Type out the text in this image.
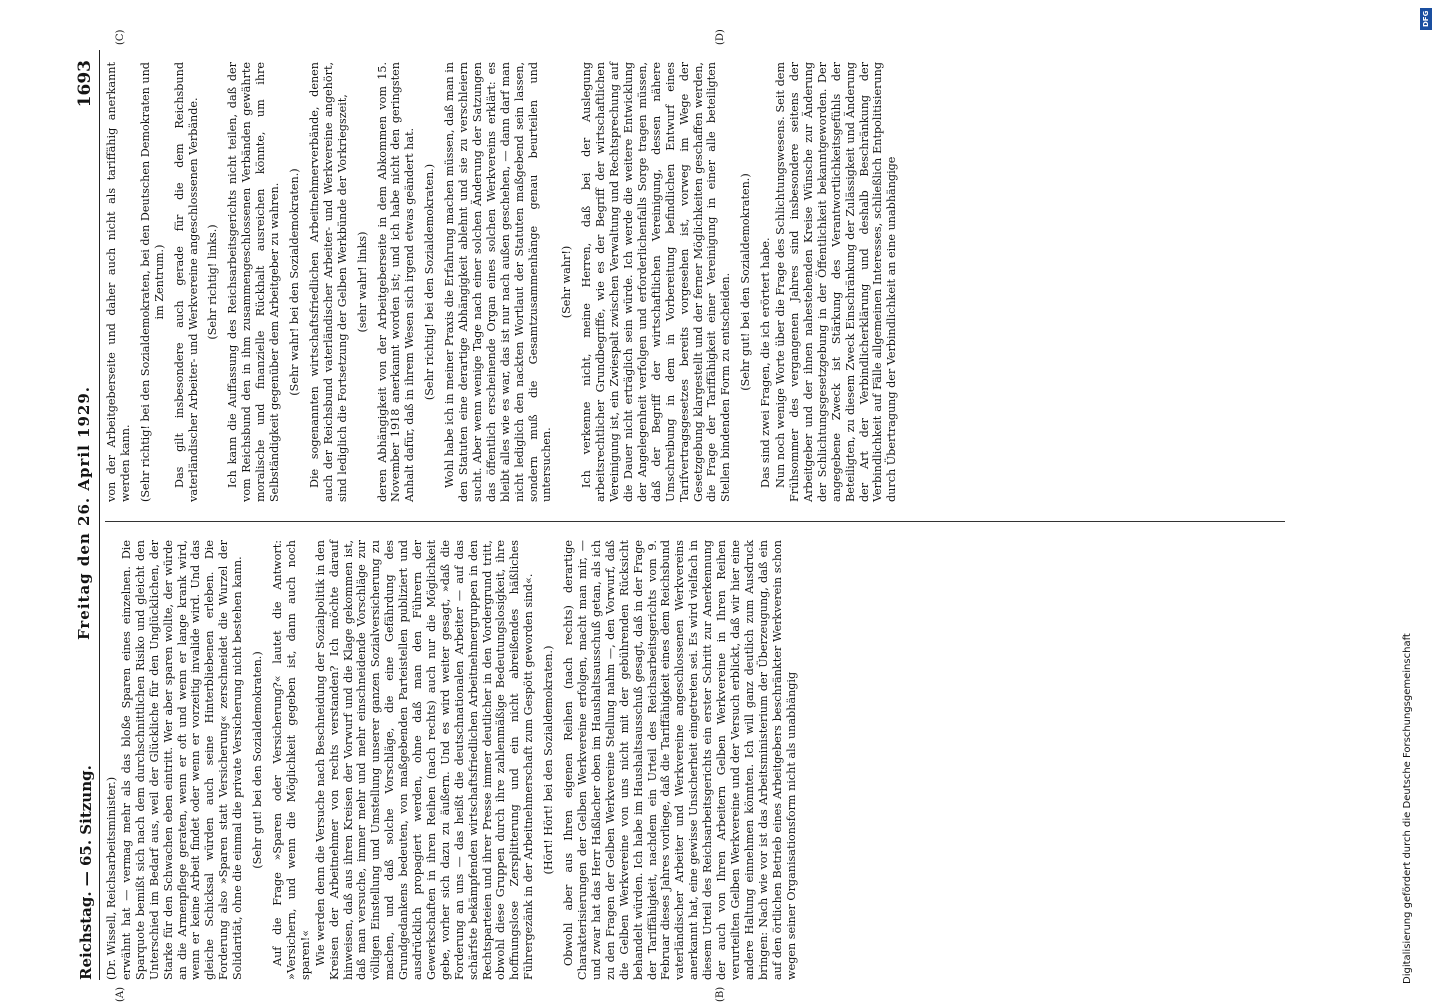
Reichstag. — 65. Sitzung.
Freitag den 26. April 1929.
1693

(Dr. Wissell, Reichsarbeitsminister.) erwähnt hat — vermag mehr als das bloße Sparen eines einzelnen. Die Sparquote bemißt sich nach dem durchschnittlichen Risiko und gleicht den Unterschied im Bedarf aus, weil der Glückliche für den Unglücklichen, der Starke für den Schwachen eben eintritt. Wer aber sparen wollte, der würde an die Armenpflege geraten, wenn er oft und wenn er lange krank wird, wenn er keine Arbeit findet oder wenn er vorzeitig invalide wird. Und das gleiche Schicksal würden auch seine Hinterbliebenen erleben. Die Forderung also »Sparen statt Versicherung« zerschneidet die Wurzel der Solidarität, ohne die einmal die private Versicherung nicht bestehen kann. (Sehr gut! bei den Sozialdemokraten.) Auf die Frage »Sparen oder Versicherung?« lautet die Antwort: »Versichern, und wenn die Möglichkeit gegeben ist, dann auch noch sparen!« Wie werden denn die Versuche nach Beschneidung der Sozialpolitik in den Kreisen der Arbeitnehmer von rechts verstanden? Ich möchte darauf hinweisen, daß aus ihren Kreisen der Vorwurf und die Klage gekommen ist, daß man versuche, immer mehr und mehr einschneidende Vorschläge zur völligen Einstellung und Umstellung unserer ganzen Sozialversicherung zu machen, und daß solche Vorschläge, die eine Gefährdung des Grundgedankens bedeuten, von maßgebenden Parteistellen publiziert und ausdrücklich propagiert werden, ohne daß man den Führern der Gewerkschaften in ihren Reihen (nach rechts) auch nur die Möglichkeit gebe, vorher sich dazu zu äußern. Und es wird weiter gesagt, »daß die Forderung an uns — das heißt die deutschnationalen Arbeiter — auf das schärfste bekämpfenden wirtschaftsfriedlichen Arbeitnehmergruppen in den Rechtsparteien und ihrer Presse immer deutlicher in den Vordergrund tritt, obwohl diese Gruppen durch ihre zahlenmäßige Bedeutungslosigkeit, ihre hoffnungslose Zersplitterung und ein nicht abreißendes häßliches Führergezänk in der Arbeitnehmerschaft zum Gespött geworden sind«. (Hört! Hört! bei den Sozialdemokraten.) Obwohl aber aus Ihren eigenen Reihen (nach rechts) derartige Charakterisierungen der Gelben Werkvereine erfolgen, macht man mir, — und zwar hat das Herr Haßlacher oben im Haushaltsausschuß getan, als ich zu den Fragen der Gelben Werkvereine Stellung nahm —, den Vorwurf, daß die Gelben Werkvereine von uns nicht mit der gebührenden Rücksicht behandelt würden. Ich habe im Haushaltsausschuß gesagt, daß in der Frage der Tariffähigkeit, nachdem ein Urteil des Reichsarbeitsgerichts vom 9. Februar dieses Jahres vorliege, daß die Tariffähigkeit eines dem Reichsbund vaterländischer Arbeiter und Werkvereine angeschlossenen Werkvereins anerkannt hat, eine gewisse Unsicherheit eingetreten sei. Es wird vielfach in diesem Urteil des Reichsarbeitsgerichts ein erster Schritt zur Anerkennung der auch von Ihren Arbeitern Gelben Werkvereine in Ihren Reihen verurteilten Gelben Werkvereine und der Versuch erblickt, daß wir hier eine andere Haltung einnehmen könnten. Ich will ganz deutlich zum Ausdruck bringen: Nach wie vor ist das Arbeitsministerium der Überzeugung, daß ein auf den örtlichen Betrieb eines Arbeitgebers beschränkter Werkverein schon wegen seiner Organisationsform nicht als unabhängig

von der Arbeitgeberseite und daher auch nicht als tariffähig anerkannt werden kann. (Sehr richtig! bei den Sozialdemokraten, bei den Deutschen Demokraten und im Zentrum.) Das gilt insbesondere auch gerade für die dem Reichsbund vaterländischer Arbeiter- und Werkvereine angeschlossenen Verbände. (Sehr richtig! links.) Ich kann die Auffassung des Reichsarbeitsgerichts nicht teilen, daß der vom Reichsbund den in ihm zusammengeschlossenen Verbänden gewährte moralische und finanzielle Rückhalt ausreichen könnte, um ihre Selbständigkeit gegenüber dem Arbeitgeber zu wahren. (Sehr wahr! bei den Sozialdemokraten.) Die sogenannten wirtschaftsfriedlichen Arbeitnehmerverbände, denen auch der Reichsbund vaterländischer Arbeiter- und Werkvereine angehört, sind lediglich die Fortsetzung der Gelben Werkbünde der Vorkriegszeit, (sehr wahr! links) deren Abhängigkeit von der Arbeitgeberseite in dem Abkommen vom 15. November 1918 anerkannt worden ist; und ich habe nicht den geringsten Anhalt dafür, daß in ihrem Wesen sich irgend etwas geändert hat. (Sehr richtig! bei den Sozialdemokraten.) Wohl habe ich in meiner Praxis die Erfahrung machen müssen, daß man in den Statuten eine derartige Abhängigkeit ablehnt und sie zu verschleiern sucht. Aber wenn wenige Tage nach einer solchen Änderung der Satzungen das öffentlich erscheinende Organ eines solchen Werkvereins erklärt: es bleibt alles wie es war, das ist nur nach außen geschehen, — dann darf man nicht lediglich den nackten Wortlaut der Statuten maßgebend sein lassen, sondern muß die Gesamtzusammenhänge genau beurteilen und untersuchen.

(Sehr wahr!) Ich verkenne nicht, meine Herren, daß bei der Auslegung arbeitsrechtlicher Grundbegriffe, wie es der Begriff der wirtschaftlichen Vereinigung ist, ein Zwiespalt zwischen Verwaltung und Rechtsprechung auf die Dauer nicht erträglich sein würde. Ich werde die weitere Entwicklung der Angelegenheit verfolgen und erforderlichenfalls Sorge tragen müssen, daß der Begriff der wirtschaftlichen Vereinigung, dessen nähere Umschreibung in dem in Vorbereitung befindlichen Entwurf eines Tarifvertragsgesetzes bereits vorgesehen ist, vorweg im Wege der Gesetzgebung klargestellt und der ferner Möglichkeiten geschaffen werden, die Frage der Tariffähigkeit einer Vereinigung in einer alle beteiligten Stellen bindenden Form zu entscheiden. (Sehr gut! bei den Sozialdemokraten.) Das sind zwei Fragen, die ich erörtert habe. Nun noch wenige Worte über die Frage des Schlichtungswesens. Seit dem Frühsommer des vergangenen Jahres sind insbesondere seitens der Arbeitgeber und der ihnen nahestehenden Kreise Wünsche zur Änderung der Schlichtungsgesetzgebung in der Öffentlichkeit bekanntgeworden. Der angegebene Zweck ist Stärkung des Verantwortlichkeitsgefühls der Beteiligten, zu diesem Zweck Einschränkung der Zulässigkeit und Änderung der Art der Verbindlicherklärung und deshalb Beschränkung der Verbindlichkeit auf Fälle allgemeinen Interesses, schließlich Entpolitisierung durch Übertragung der Verbindlichkeit an eine unabhängige

(A)	(B)
(C)	(D)
DFG
Digitalisierung gefördert durch die Deutsche Forschungsgemeinschaft
